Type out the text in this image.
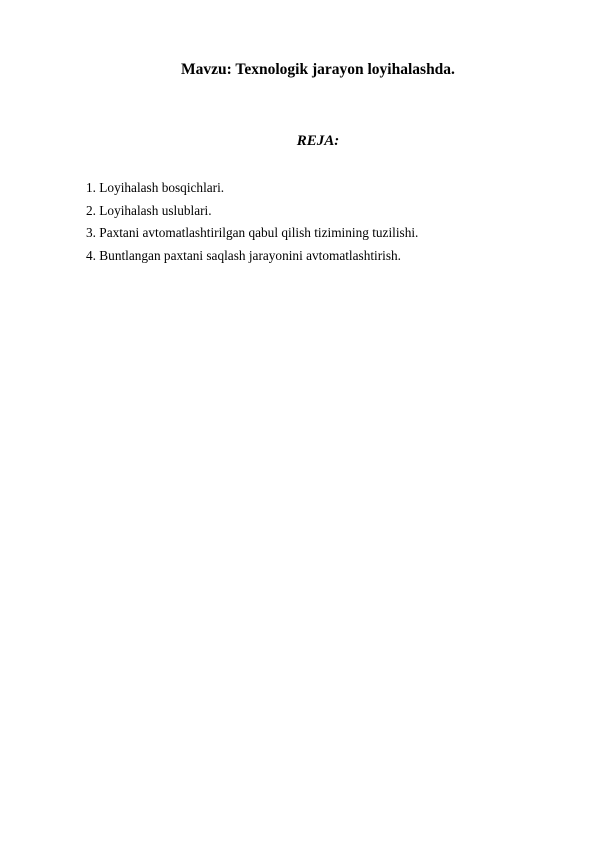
Mavzu: Texnologik jarayon loyihalashda.
REJA:
1. Loyihalash bosqichlari.
2. Loyihalash uslublari.
3. Paxtani avtomatlashtirilgan qabul qilish tizimining tuzilishi.
4. Buntlangan paxtani saqlash jarayonini avtomatlashtirish.
